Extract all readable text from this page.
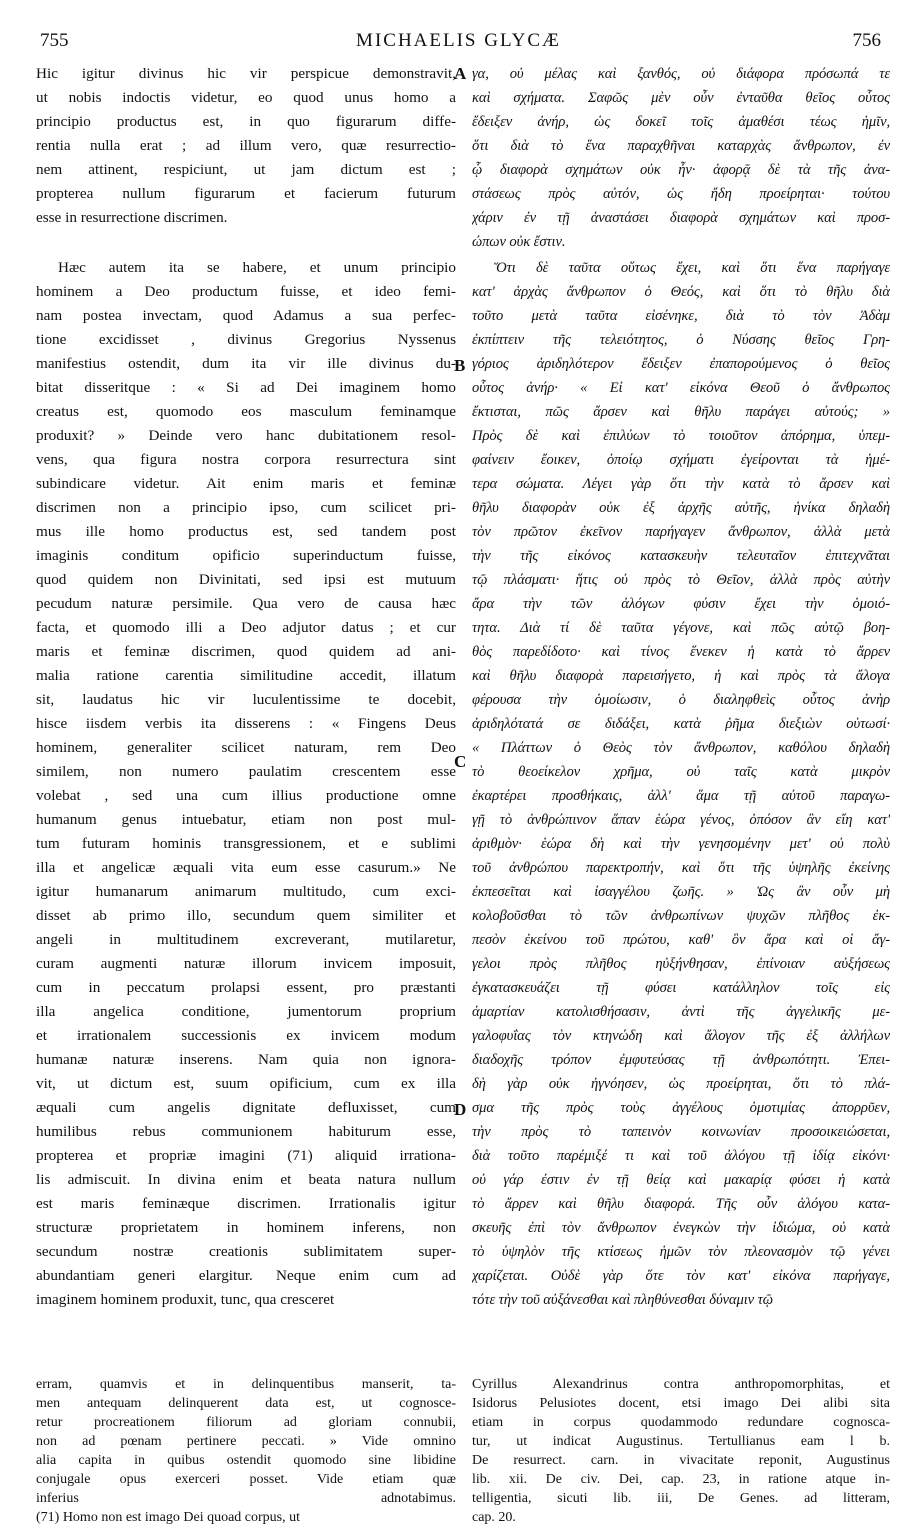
MICHAELIS GLYCÆ
755	756
A
B
C
D
Hic igitur divinus hic vir perspicue demonstravit,
ut nobis indoctis videtur, eo quod unus homo a
principio productus est, in quo figurarum diffe-
rentia nulla erat ; ad illum vero, quæ resurrectio-
nem attinent, respiciunt, ut jam dictum est ;
propterea nullum figurarum et facierum futurum
esse in resurrectione discrimen.
Hæc autem ita se habere, et unum principio
hominem a Deo productum fuisse, et ideo femi-
nam postea invectam, quod Adamus a sua perfec-
tione excidisset , divinus Gregorius Nyssenus
manifestius ostendit, dum ita vir ille divinus du-
bitat disseritque : « Si ad Dei imaginem homo
creatus est, quomodo eos masculum feminamque
produxit? » Deinde vero hanc dubitationem resol-
vens, qua figura nostra corpora resurrectura sint
subindicare videtur. Ait enim maris et feminæ
discrimen non a principio ipso, cum scilicet pri-
mus ille homo productus est, sed tandem post
imaginis conditum opificio superinductum fuisse,
quod quidem non Divinitati, sed ipsi est mutuum
pecudum naturæ persimile. Qua vero de causa hæc
facta, et quomodo illi a Deo adjutor datus ; et cur
maris et feminæ discrimen, quod quidem ad ani-
malia ratione carentia similitudine accedit, illatum
sit, laudatus hic vir luculentissime te docebit,
hisce iisdem verbis ita disserens : « Fingens Deus
hominem, generaliter scilicet naturam, rem Deo
similem, non numero paulatim crescentem esse
volebat , sed una cum illius productione omne
humanum genus intuebatur, etiam non post mul-
tum futuram hominis transgressionem, et e sublimi
illa et angelicæ æquali vita eum esse casurum.» Ne
igitur humanarum animarum multitudo, cum exci-
disset ab primo illo, secundum quem similiter et
angeli in multitudinem excreverant, mutilaretur,
curam augmenti naturæ illorum invicem imposuit,
cum in peccatum prolapsi essent, pro præstanti
illa angelica conditione, jumentorum proprium
et irrationalem successionis ex invicem modum
humanæ naturæ inserens. Nam quia non ignora-
vit, ut dictum est, suum opificium, cum ex illa
æquali cum angelis dignitate defluxisset, cum
humilibus rebus communionem habiturum esse,
propterea et propriæ imagini (71) aliquid irrationa-
lis admiscuit. In divina enim et beata natura nullum
est maris feminæque discrimen. Irrationalis igitur
structuræ proprietatem in hominem inferens, non
secundum nostræ creationis sublimitatem super-
abundantiam generi elargitur. Neque enim cum ad
imaginem hominem produxit, tunc, qua cresceret
γα, οὐ μέλας καὶ ξανθός, οὐ διάφορα πρόσωπά τε
καὶ σχήματα. Σαφῶς μὲν οὖν ἐνταῦθα θεῖος οὗτος
ἔδειξεν ἀνήρ, ὡς δοκεῖ τοῖς ἀμαθέσι τέως ἡμῖν,
ὅτι διὰ τὸ ἕνα παραχθῆναι καταρχὰς ἄνθρωπον, ἐν
ᾧ διαφορὰ σχημάτων οὐκ ἦν· ἀφορᾷ δὲ τὰ τῆς ἀνα-
στάσεως πρὸς αὐτόν, ὡς ἤδη προείρηται· τούτου
χάριν ἐν τῇ ἀναστάσει διαφορὰ σχημάτων καὶ προσ-
ώπων οὐκ ἔστιν.
Ὅτι δὲ ταῦτα οὕτως ἔχει, καὶ ὅτι ἕνα παρήγαγε
κατ' ἀρχὰς ἄνθρωπον ὁ Θεός, καὶ ὅτι τὸ θῆλυ διὰ
τοῦτο μετὰ ταῦτα εἰσένηκε, διὰ τὸ τὸν Ἀδὰμ
ἐκπίπτειν τῆς τελειότητος, ὁ Νύσσης θεῖος Γρη-
γόριος ἀριδηλότερον ἔδειξεν ἐπαπορούμενος ὁ θεῖος
οὗτος ἀνήρ· « Εἰ κατ' εἰκόνα Θεοῦ ὁ ἄνθρωπος
ἔκτισται, πῶς ἄρσεν καὶ θῆλυ παράγει αὐτούς; »
Πρὸς δὲ καὶ ἐπιλύων τὸ τοιοῦτον ἀπόρημα, ὑπεμ-
φαίνειν ἔοικεν, ὁποίῳ σχήματι ἐγείρονται τὰ ἡμέ-
τερα σώματα. Λέγει γὰρ ὅτι τὴν κατὰ τὸ ἄρσεν καὶ
θῆλυ διαφορὰν οὐκ ἐξ ἀρχῆς αὐτῆς, ἡνίκα δηλαδὴ
τὸν πρῶτον ἐκεῖνον παρήγαγεν ἄνθρωπον, ἀλλὰ μετὰ
τὴν τῆς εἰκόνος κατασκευὴν τελευταῖον ἐπιτεχνᾶται
τῷ πλάσματι· ἥτις οὐ πρὸς τὸ Θεῖον, ἀλλὰ πρὸς αὐτὴν
ἄρα τὴν τῶν ἀλόγων φύσιν ἔχει τὴν ὁμοιό-
τητα. Διὰ τί δὲ ταῦτα γέγονε, καὶ πῶς αὐτῷ βοη-
θὸς παρεδίδοτο· καὶ τίνος ἕνεκεν ἡ κατὰ τὸ ἄρρεν
καὶ θῆλυ διαφορὰ παρεισήγετο, ἡ καὶ πρὸς τὰ ἄλογα
φέρουσα τὴν ὁμοίωσιν, ὁ διαληφθεὶς οὗτος ἀνὴρ
ἀριδηλότατά σε διδάξει, κατὰ ῥῆμα διεξιὼν οὑτωσί·
« Πλάττων ὁ Θεὸς τὸν ἄνθρωπον, καθόλου δηλαδὴ
τὸ θεοείκελον χρῆμα, οὐ ταῖς κατὰ μικρὸν
ἐκαρτέρει προσθήκαις, ἀλλ' ἅμα τῇ αὐτοῦ παραγω-
γῇ τὸ ἀνθρώπινον ἅπαν ἑώρα γένος, ὀπόσον ἂν εἴη κατ'
ἀριθμὸν· ἑώρα δὴ καὶ τὴν γενησομένην μετ' οὐ πολὺ
τοῦ ἀνθρώπου παρεκτροπήν, καὶ ὅτι τῆς ὑψηλῆς ἐκείνης
ἐκπεσεῖται καὶ ἰσαγγέλου ζωῆς. » Ὡς ἂν οὖν μὴ
κολοβοῦσθαι τὸ τῶν ἀνθρωπίνων ψυχῶν πλῆθος ἐκ-
πεσὸν ἐκείνου τοῦ πρώτου, καθ' ὃν ἄρα καὶ οἱ ἄγ-
γελοι πρὸς πλῆθος ηὐξήνθησαν, ἐπίνοιαν αὐξήσεως
ἐγκατασκευάζει τῇ φύσει κατάλληλον τοῖς εἰς
ἁμαρτίαν κατολισθήσασιν, ἀντὶ τῆς ἀγγελικῆς με-
γαλοφυΐας τὸν κτηνώδη καὶ ἄλογον τῆς ἐξ ἀλλήλων
διαδοχῆς τρόπον ἐμφυτεύσας τῇ ἀνθρωπότητι. Ἐπει-
δὴ γὰρ οὐκ ἠγνόησεν, ὡς προείρηται, ὅτι τὸ πλά-
σμα τῆς πρὸς τοὺς ἀγγέλους ὁμοτιμίας ἀπορρῦεν,
τὴν πρὸς τὸ ταπεινὸν κοινωνίαν προσοικειώσεται,
διὰ τοῦτο παρέμιξέ τι καὶ τοῦ ἀλόγου τῇ ἰδίᾳ εἰκόνι·
οὐ γάρ ἐστιν ἐν τῇ θείᾳ καὶ μακαρίᾳ φύσει ἡ κατὰ
τὸ ἄρρεν καὶ θῆλυ διαφορά. Τῆς οὖν ἀλόγου κατα-
σκευῆς ἐπὶ τὸν ἄνθρωπον ἐνεγκὼν τὴν ἰδιώμα, οὐ κατὰ
τὸ ὑψηλὸν τῆς κτίσεως ἡμῶν τὸν πλεονασμὸν τῷ γένει
χαρίζεται. Οὐδὲ γὰρ ὅτε τὸν κατ' εἰκόνα παρήγαγε,
τότε τὴν τοῦ αὐξάνεσθαι καὶ πληθύνεσθαι δύναμιν τῷ
erram, quamvis et in delinquentibus manserit, ta-
men antequam delinquerent data est, ut cognosce-
retur procreationem filiorum ad gloriam connubii,
non ad pœnam pertinere peccati. » Vide omnino
alia capita in quibus ostendit quomodo sine libidine
conjugale opus exerceri posset. Vide etiam quæ
inferius adnotabimus.
(71) Homo non est imago Dei quoad corpus, ut
Cyrillus Alexandrinus contra anthropomorphitas, et
Isidorus Pelusiotes docent, etsi imago Dei alibi sita
etiam in corpus quodammodo redundare cognosca-
tur, ut indicat Augustinus. Tertullianus eam l b.
De resurrect. carn. in vivacitate reponit, Augustinus
lib. xii. De civ. Dei, cap. 23, in ratione atque in-
telligentia, sicuti lib. iii, De Genes. ad litteram,
cap. 20.
